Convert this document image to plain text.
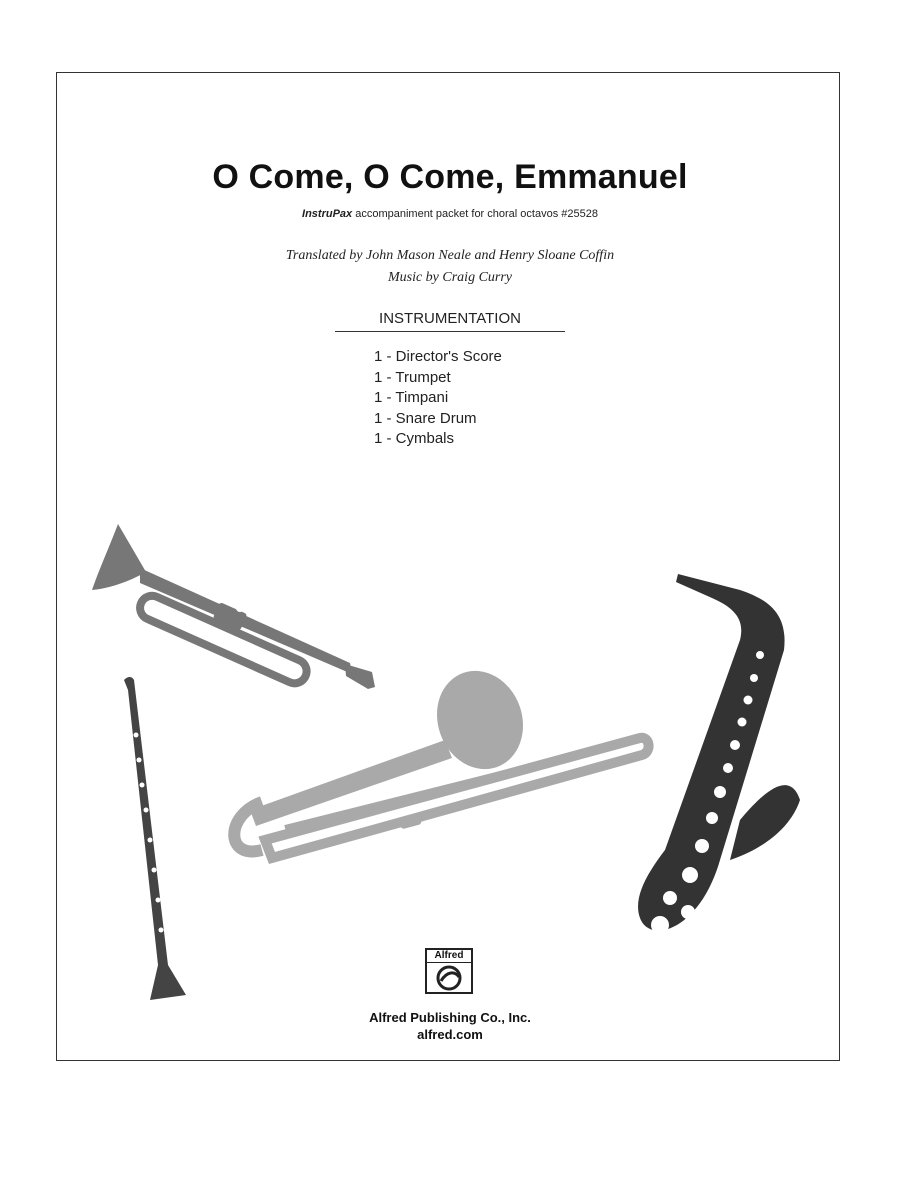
O Come, O Come, Emmanuel
InstruPax accompaniment packet for choral octavos #25528
Translated by John Mason Neale and Henry Sloane Coffin
Music by Craig Curry
INSTRUMENTATION
1 - Director's Score
1 - Trumpet
1 - Timpani
1 - Snare Drum
1 - Cymbals
Alfred
Alfred Publishing Co., Inc.
alfred.com
